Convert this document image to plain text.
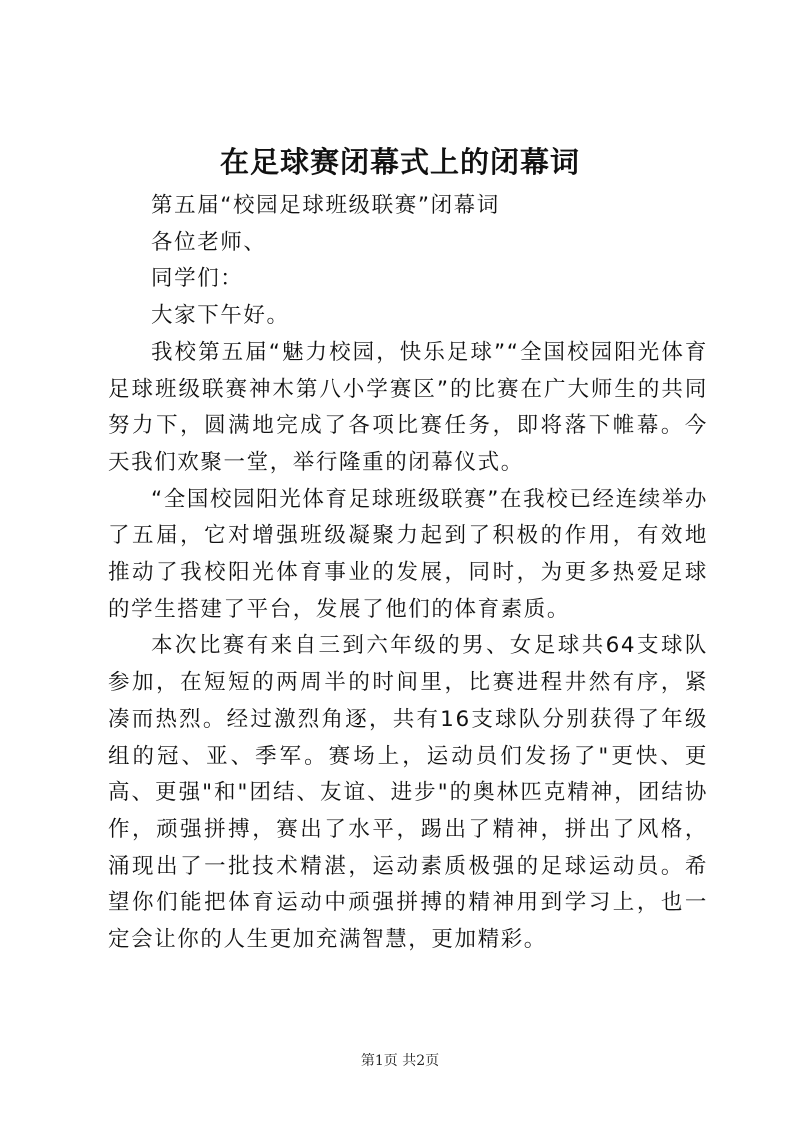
在足球赛闭幕式上的闭幕词

第五届“校园足球班级联赛”闭幕词

各位老师、

同学们：

大家下午好。

我校第五届“魅力校园，快乐足球”“全国校园阳光体育足球班级联赛神木第八小学赛区”的比赛在广大师生的共同努力下，圆满地完成了各项比赛任务，即将落下帷幕。今天我们欢聚一堂，举行隆重的闭幕仪式。

“全国校园阳光体育足球班级联赛”在我校已经连续举办了五届，它对增强班级凝聚力起到了积极的作用，有效地推动了我校阳光体育事业的发展，同时，为更多热爱足球的学生搭建了平台，发展了他们的体育素质。

本次比赛有来自三到六年级的男、女足球共64支球队参加，在短短的两周半的时间里，比赛进程井然有序，紧凑而热烈。经过激烈角逐，共有16支球队分别获得了年级组的冠、亚、季军。赛场上，运动员们发扬了"更快、更高、更强"和"团结、友谊、进步"的奥林匹克精神，团结协作，顽强拼搏，赛出了水平，踢出了精神，拼出了风格，涌现出了一批技术精湛，运动素质极强的足球运动员。希望你们能把体育运动中顽强拼搏的精神用到学习上，也一定会让你的人生更加充满智慧，更加精彩。

第1页 共2页
